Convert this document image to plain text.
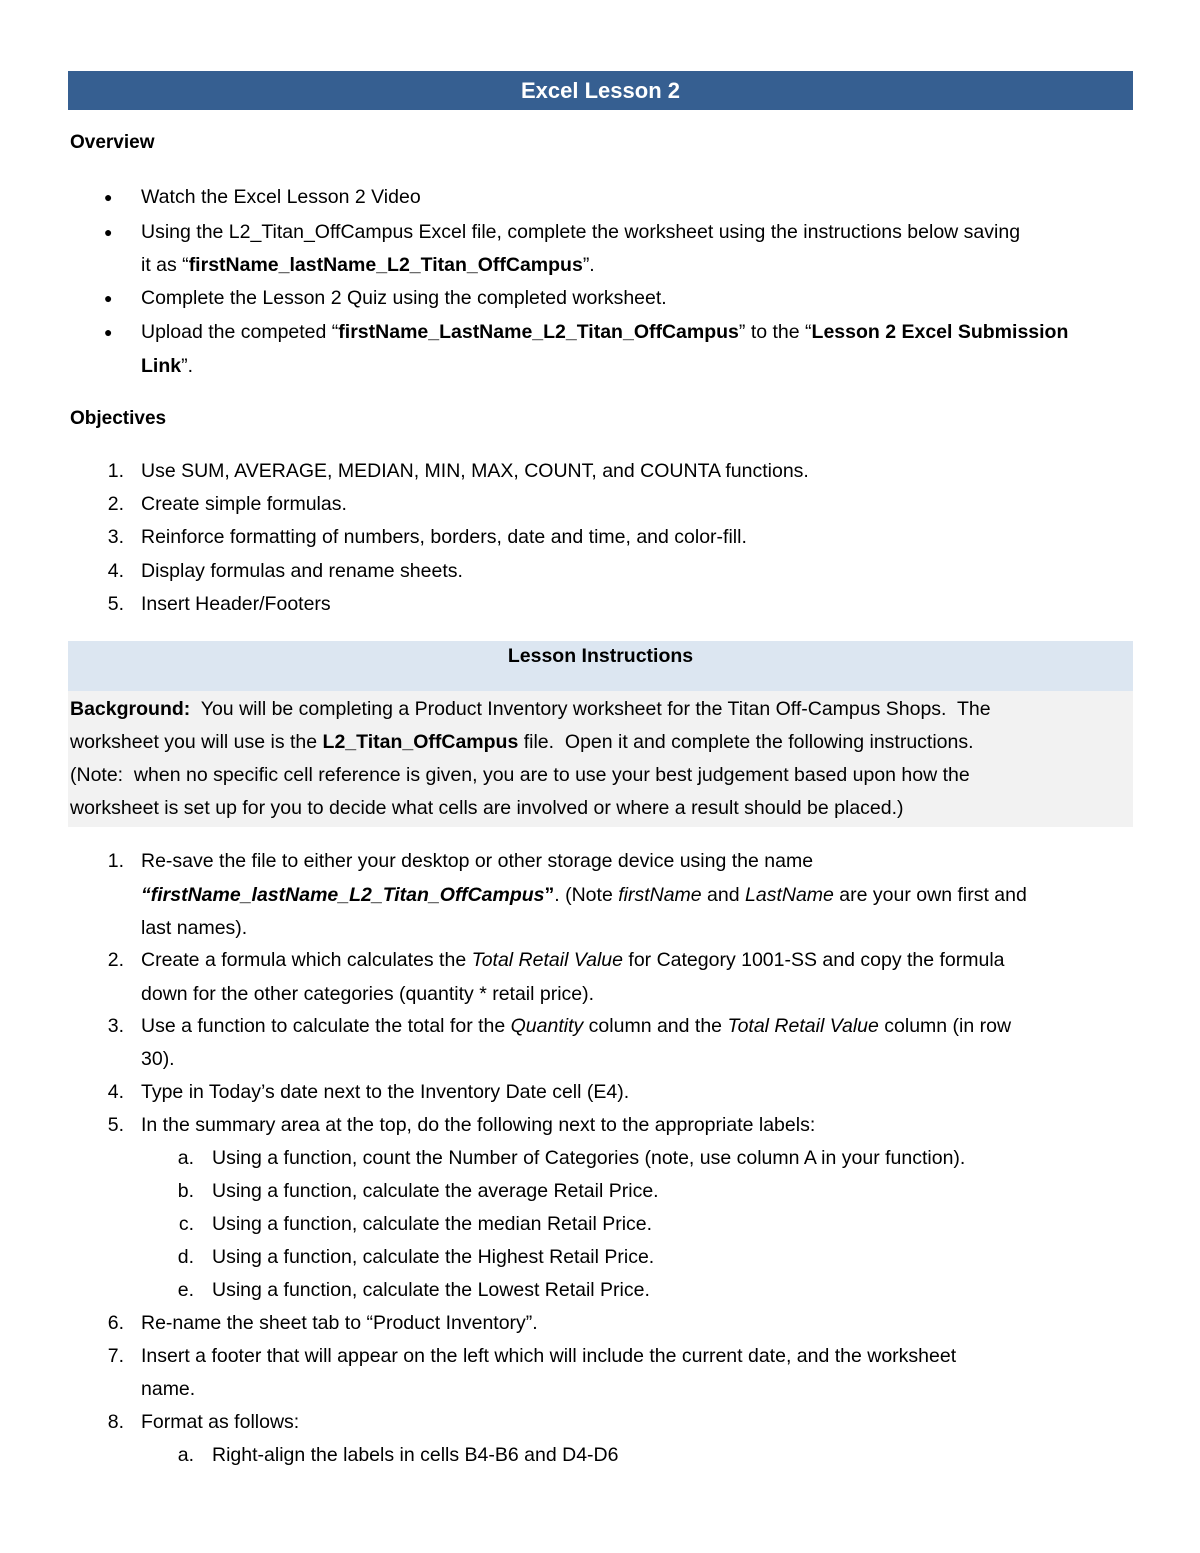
Excel Lesson 2
Overview
● Watch the Excel Lesson 2 Video
● Using the L2_Titan_OffCampus Excel file, complete the worksheet using the instructions below saving
it as “firstName_lastName_L2_Titan_OffCampus”.
● Complete the Lesson 2 Quiz using the completed worksheet.
● Upload the competed “firstName_LastName_L2_Titan_OffCampus” to the “Lesson 2 Excel Submission
Link”.
Objectives
1. Use SUM, AVERAGE, MEDIAN, MIN, MAX, COUNT, and COUNTA functions.
2. Create simple formulas.
3. Reinforce formatting of numbers, borders, date and time, and color-fill.
4. Display formulas and rename sheets.
5. Insert Header/Footers
Lesson Instructions
Background:  You will be completing a Product Inventory worksheet for the Titan Off-Campus Shops.  The
worksheet you will use is the L2_Titan_OffCampus file.  Open it and complete the following instructions.
(Note:  when no specific cell reference is given, you are to use your best judgement based upon how the
worksheet is set up for you to decide what cells are involved or where a result should be placed.)
1. Re-save the file to either your desktop or other storage device using the name
“firstName_lastName_L2_Titan_OffCampus”. (Note firstName and LastName are your own first and
last names).
2. Create a formula which calculates the Total Retail Value for Category 1001-SS and copy the formula
down for the other categories (quantity * retail price).
3. Use a function to calculate the total for the Quantity column and the Total Retail Value column (in row
30).
4. Type in Today’s date next to the Inventory Date cell (E4).
5. In the summary area at the top, do the following next to the appropriate labels:
a. Using a function, count the Number of Categories (note, use column A in your function).
b. Using a function, calculate the average Retail Price.
c. Using a function, calculate the median Retail Price.
d. Using a function, calculate the Highest Retail Price.
e. Using a function, calculate the Lowest Retail Price.
6. Re-name the sheet tab to “Product Inventory”.
7. Insert a footer that will appear on the left which will include the current date, and the worksheet
name.
8. Format as follows:
a. Right-align the labels in cells B4-B6 and D4-D6
